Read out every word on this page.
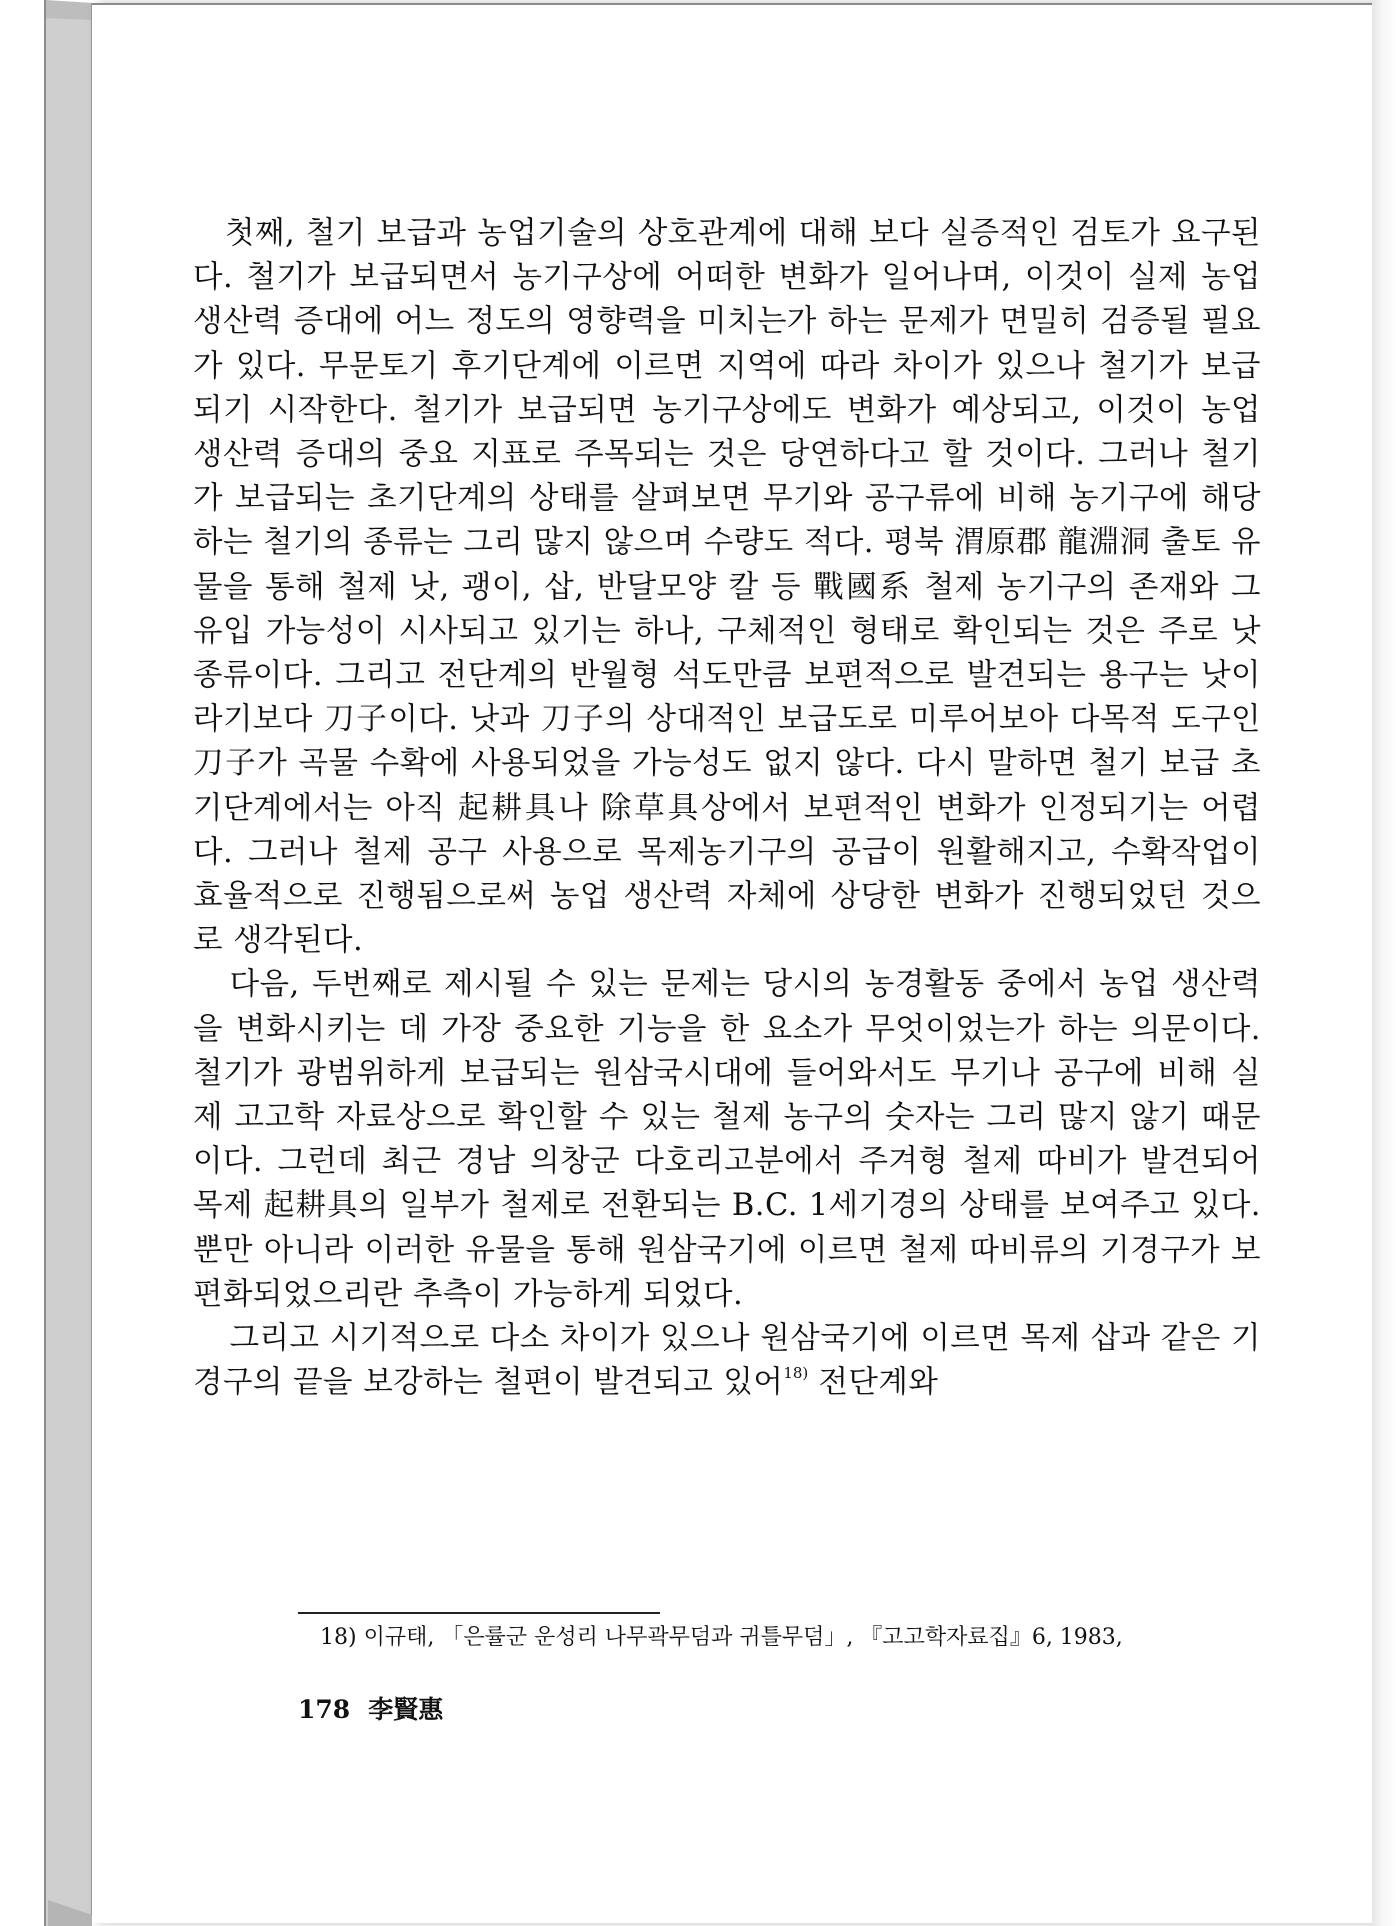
첫째, 철기 보급과 농업기술의 상호관계에 대해 보다 실증적인 검토가 요구된다. 철기가 보급되면서 농기구상에 어떠한 변화가 일어나며, 이것이 실제 농업 생산력 증대에 어느 정도의 영향력을 미치는가 하는 문제가 면밀히 검증될 필요가 있다. 무문토기 후기단계에 이르면 지역에 따라 차이가 있으나 철기가 보급되기 시작한다. 철기가 보급되면 농기구상에도 변화가 예상되고, 이것이 농업 생산력 증대의 중요 지표로 주목되는 것은 당연하다고 할 것이다. 그러나 철기가 보급되는 초기단계의 상태를 살펴보면 무기와 공구류에 비해 농기구에 해당하는 철기의 종류는 그리 많지 않으며 수량도 적다. 평북 渭原郡 龍淵洞 출토 유물을 통해 철제 낫, 괭이, 삽, 반달모양 칼 등 戰國系 철제 농기구의 존재와 그 유입 가능성이 시사되고 있기는 하나, 구체적인 형태로 확인되는 것은 주로 낫 종류이다. 그리고 전단계의 반월형 석도만큼 보편적으로 발견되는 용구는 낫이라기보다 刀子이다. 낫과 刀子의 상대적인 보급도로 미루어보아 다목적 도구인 刀子가 곡물 수확에 사용되었을 가능성도 없지 않다. 다시 말하면 철기 보급 초기단계에서는 아직 起耕具나 除草具상에서 보편적인 변화가 인정되기는 어렵다. 그러나 철제 공구 사용으로 목제농기구의 공급이 원활해지고, 수확작업이 효율적으로 진행됨으로써 농업 생산력 자체에 상당한 변화가 진행되었던 것으로 생각된다.

다음, 두번째로 제시될 수 있는 문제는 당시의 농경활동 중에서 농업 생산력을 변화시키는 데 가장 중요한 기능을 한 요소가 무엇이었는가 하는 의문이다. 철기가 광범위하게 보급되는 원삼국시대에 들어와서도 무기나 공구에 비해 실제 고고학 자료상으로 확인할 수 있는 철제 농구의 숫자는 그리 많지 않기 때문이다. 그런데 최근 경남 의창군 다호리고분에서 주겨형 철제 따비가 발견되어 목제 起耕具의 일부가 철제로 전환되는 B.C. 1세기경의 상태를 보여주고 있다. 뿐만 아니라 이러한 유물을 통해 원삼국기에 이르면 철제 따비류의 기경구가 보편화되었으리란 추측이 가능하게 되었다.

그리고 시기적으로 다소 차이가 있으나 원삼국기에 이르면 목제 삽과 같은 기경구의 끝을 보강하는 철편이 발견되고 있어$^{18)}$ 전단계와

18) 이규태, 「은률군 운성리 나무곽무덤과 귀틀무덤」, 『고고학자료집』6, 1983,
178 李賢惠
